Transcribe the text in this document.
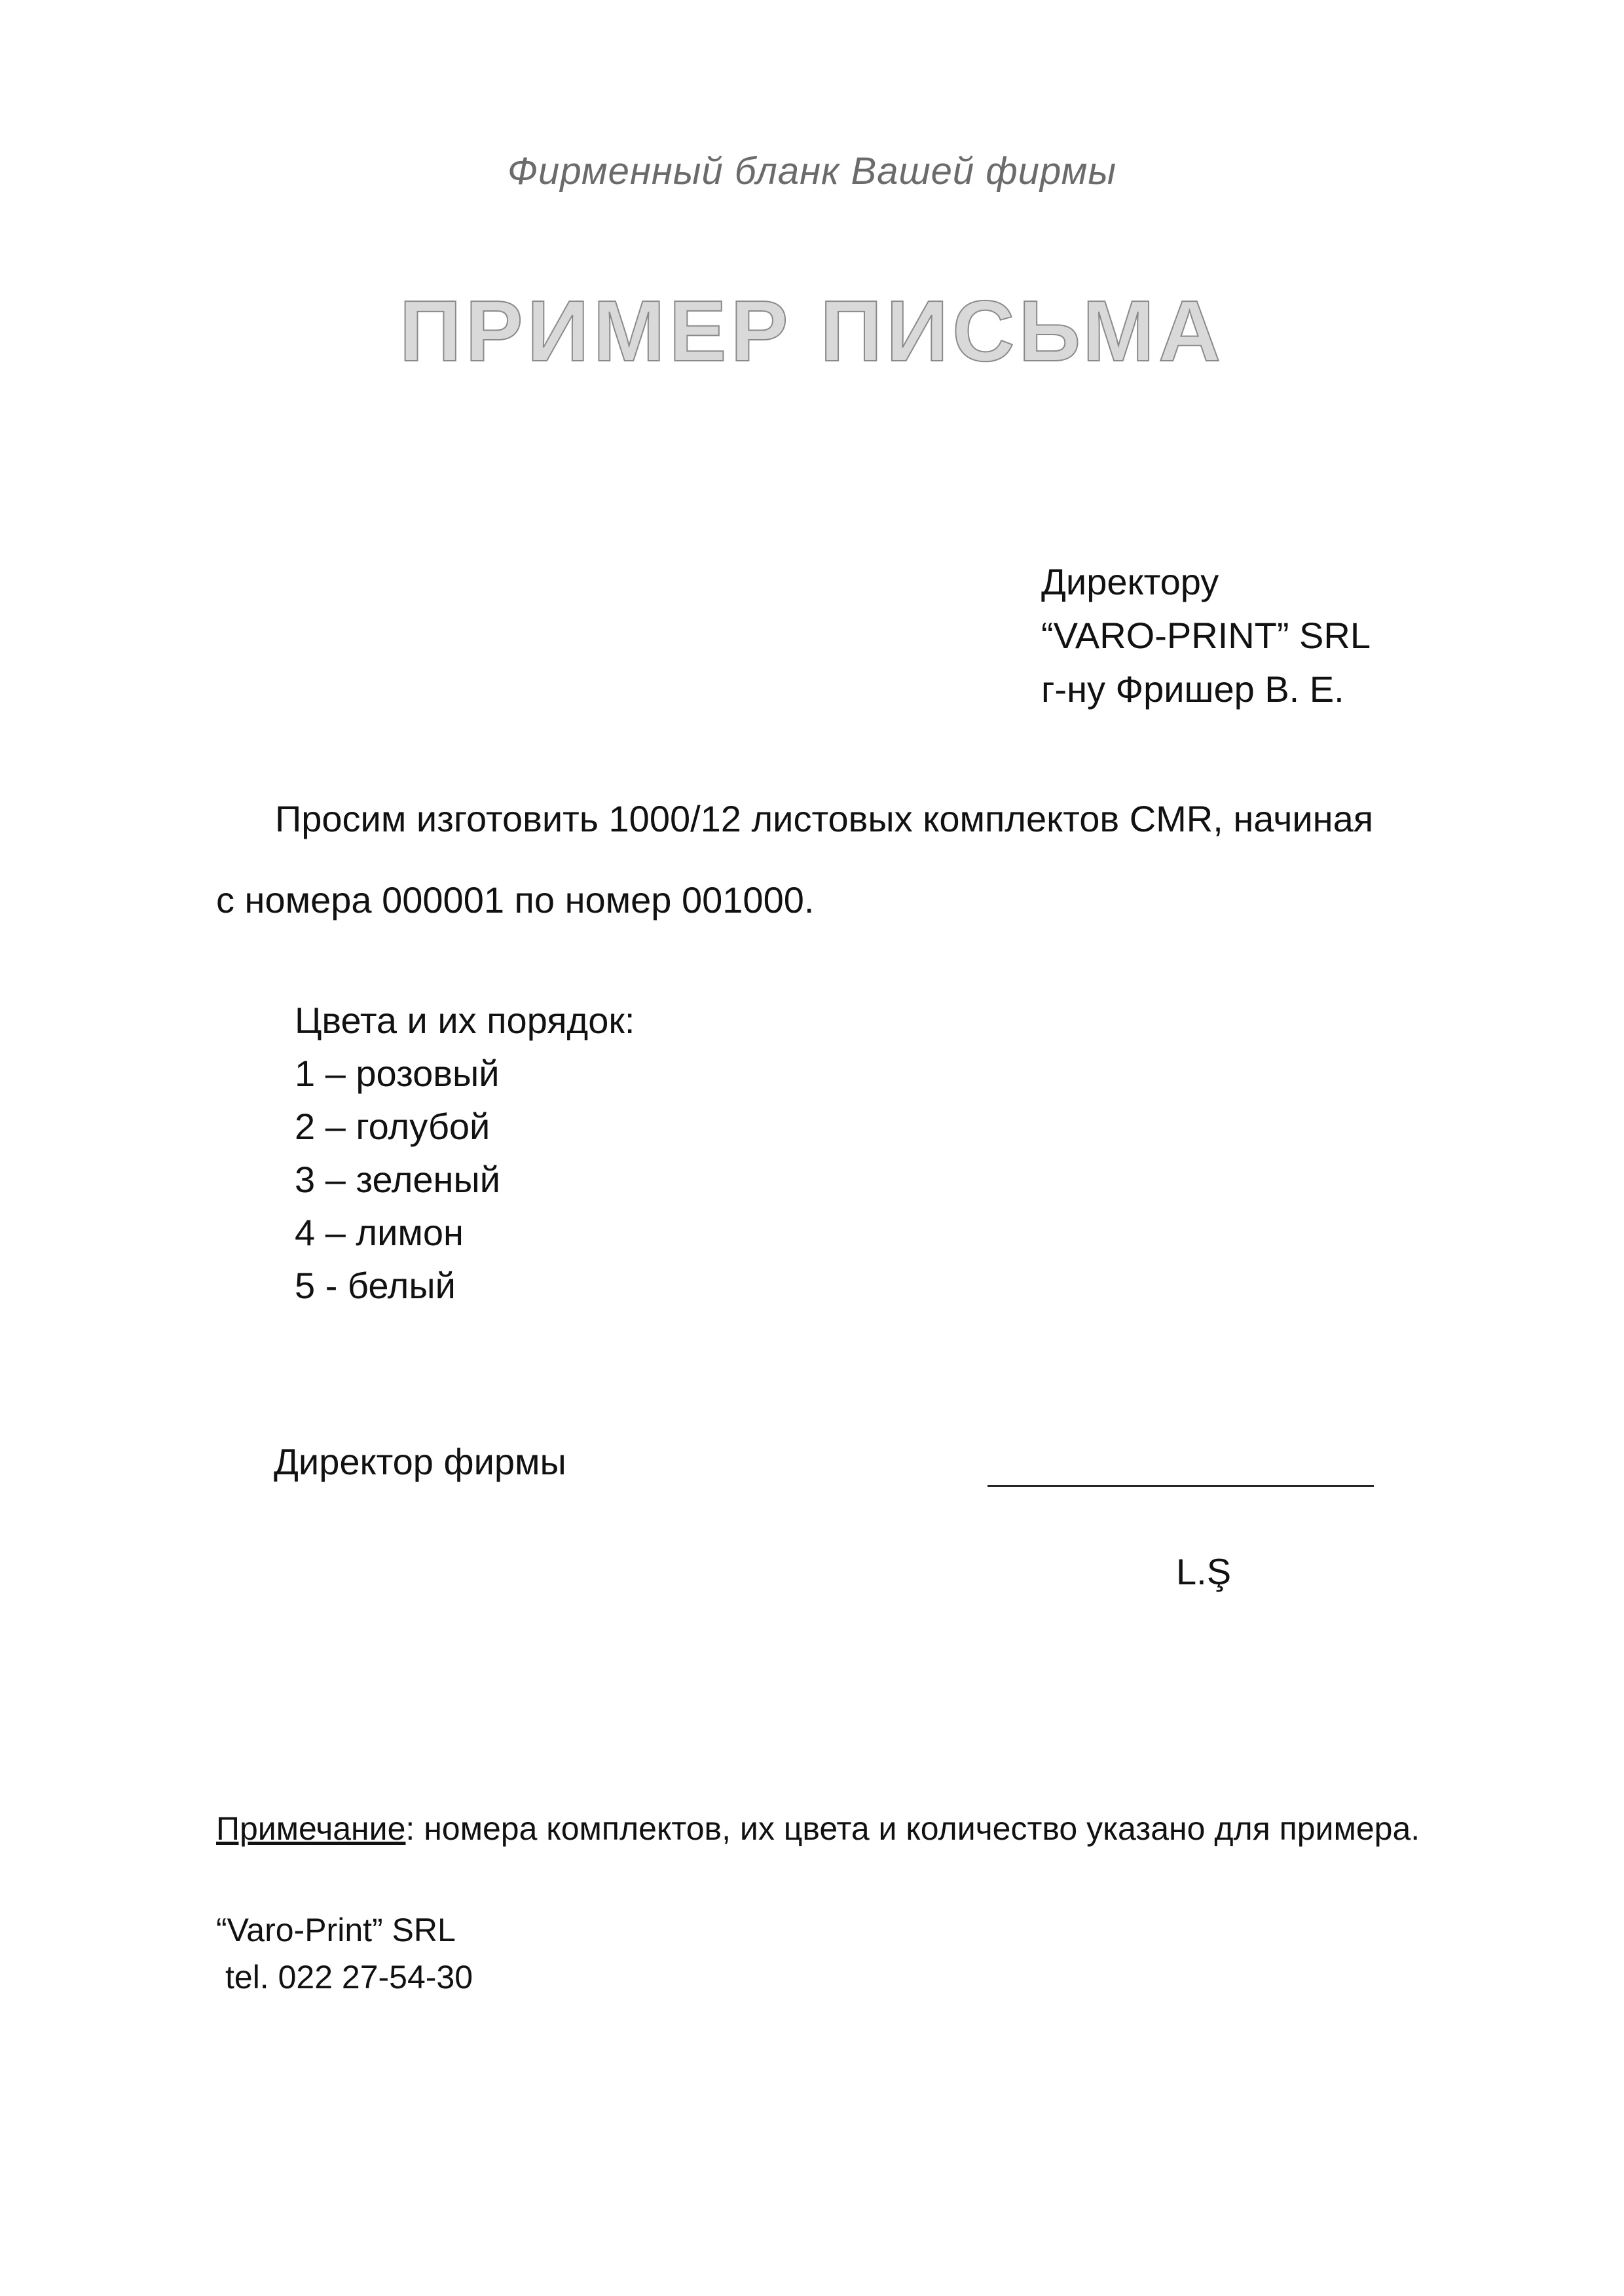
Фирменный бланк Вашей фирмы
ПРИМЕР ПИСЬМА
Директору
“VARO-PRINT” SRL
г-ну Фришер В. Е.
Просим изготовить 1000/12 листовых комплектов CMR, начиная
с номера 000001 по номер 001000.
Цвета и их порядок:
1 – розовый
2 – голубой
3 – зеленый
4 – лимон
5 - белый
Директор фирмы
L.Ş
Примечание: номера комплектов, их цвета и количество указано для примера.
“Varo-Print” SRL
tel. 022 27-54-30
